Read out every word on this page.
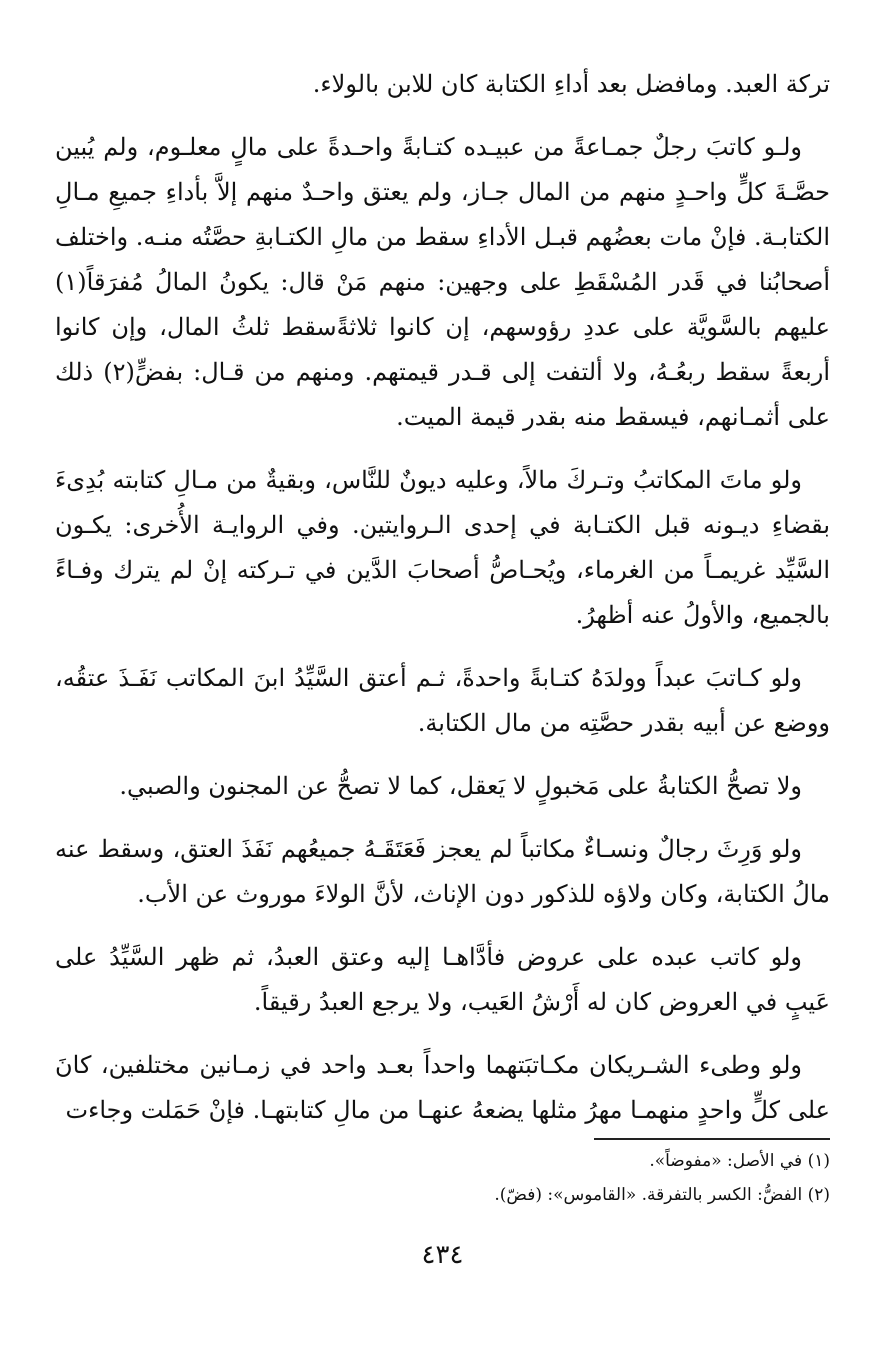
تركة العبد. ومافضل بعد أداءِ الكتابة كان للابن بالولاء.

ولـو كاتبَ رجلٌ جمـاعةً من عبيـده كتـابةً واحـدةً على مالٍ معلـوم، ولم يُبين حصَّـةَ كلٍّ واحـدٍ منهم من المال جـاز، ولم يعتق واحـدٌ منهم إلاَّ بأداءِ جميعِ مـالِ الكتابـة. فإنْ مات بعضُهم قبـل الأداءِ سقط من مالِ الكتـابةِ حصَّتُه منـه. واختلف أصحابُنا في قَدر المُسْقَطِ على وجهين: منهم مَنْ قال: يكونُ المالُ مُفرَقاً(١) عليهم بالسَّويَّة على عددِ رؤوسهم، إن كانوا ثلاثةًسقط ثلثُ المال، وإن كانوا أربعةً سقط ربعُـهُ، ولا ألتفت إلى قـدر قيمتهم. ومنهم من قـال: بفضٍّ(٢) ذلك على أثمـانهم، فيسقط منه بقدر قيمة الميت.

ولو ماتَ المكاتبُ وتـركَ مالاً، وعليه ديونٌ للنَّاس، وبقيةٌ من مـالِ كتابته بُدِىءَ بقضاءِ ديـونه قبل الكتـابة في إحدى الـروايتين. وفي الروايـة الأُخرى: يكـون السَّيِّد غريمـاً من الغرماء، ويُحـاصُّ أصحابَ الدَّين في تـركته إنْ لم يترك وفـاءً بالجميع، والأولُ عنه أظهرُ.

ولو كـاتبَ عبداً وولدَهُ كتـابةً واحدةً، ثـم أعتق السَّيِّدُ ابنَ المكاتب نَفَـذَ عتقُه، ووضع عن أبيه بقدر حصَّتِه من مال الكتابة.

ولا تصحُّ الكتابةُ على مَخبولٍ لا يَعقل، كما لا تصحُّ عن المجنون والصبي.

ولو وَرِثَ رجالٌ ونسـاءٌ مكاتباً لم يعجز فَعَتَقَـهُ جميعُهم نَفَذَ العتق، وسقط عنه مالُ الكتابة، وكان ولاؤه للذكور دون الإناث، لأنَّ الولاءَ موروث عن الأب.

ولو كاتب عبده على عروض فأدَّاهـا إليه وعتق العبدُ، ثم ظهر السَّيِّدُ على عَيبٍ في العروض كان له أَرْشُ العَيب، ولا يرجع العبدُ رقيقاً.

ولو وطىء الشـريكان مكـاتبَتهما واحداً بعـد واحد في زمـانين مختلفين، كانَ على كلٍّ واحدٍ منهمـا مهرُ مثلها يضعهُ عنهـا من مالِ كتابتهـا. فإنْ حَمَلت وجاءت

(١) في الأصل: «مفوضاً».

(٢) الفضُّ: الكسر بالتفرقة. «القاموس»: (فضّ).

٤٣٤
